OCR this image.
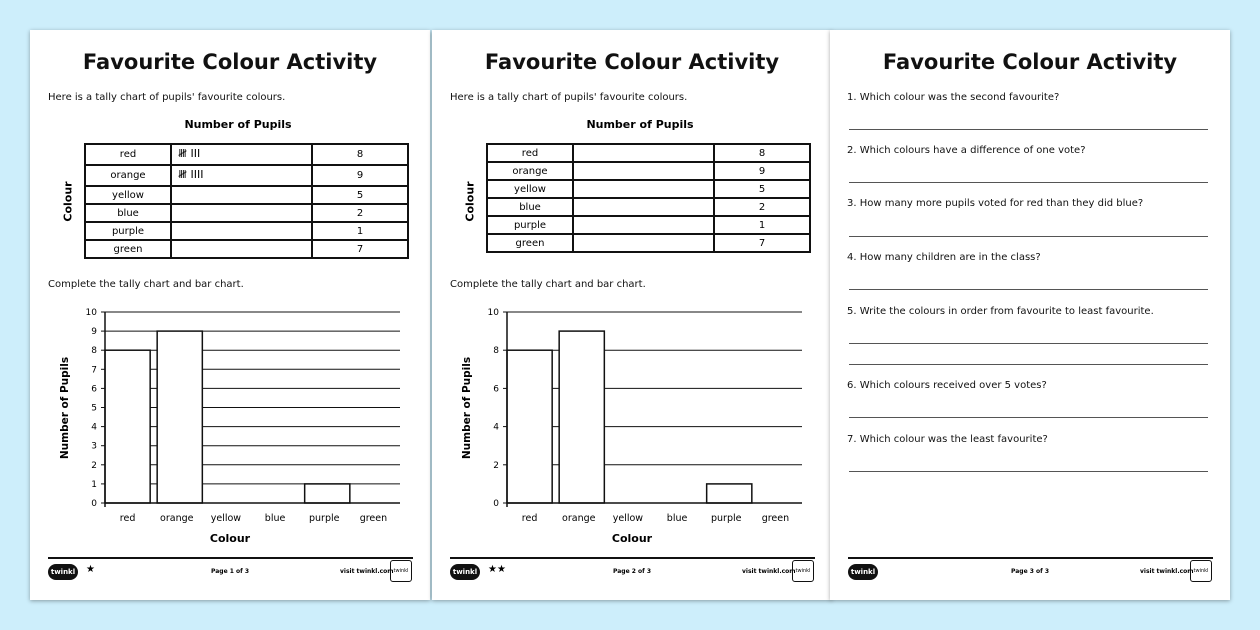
Favourite Colour Activity
Here is a tally chart of pupils' favourite colours.
Number of Pupils
Colour
red	𝍸 III	8
orange	𝍸 IIII	9
yellow		5
blue		2
purple		1
green		7
Complete the tally chart and bar chart.
0
1
2
3
4
5
6
7
8
9
10
red	orange yellow blue purple green
Colour
Number of Pupils
twinkl ★	Page 1 of 3	visit twinkl.com twinkl
Favourite Colour Activity
Here is a tally chart of pupils' favourite colours.
Number of Pupils
Colour
red		8
orange		9
yellow		5
blue		2
purple		1
green		7
Complete the tally chart and bar chart.
0
2
4
6
8
10
red	orange yellow blue purple green
Colour
Number of Pupils
twinkl ★★	Page 2 of 3	visit twinkl.com twinkl
Favourite Colour Activity
1. Which colour was the second favourite?
2. Which colours have a difference of one vote?
3. How many more pupils voted for red than they did blue?
4. How many children are in the class?
5. Write the colours in order from favourite to least favourite.
6. Which colours received over 5 votes?
7. Which colour was the least favourite?
twinkl	Page 3 of 3	visit twinkl.com twinkl
